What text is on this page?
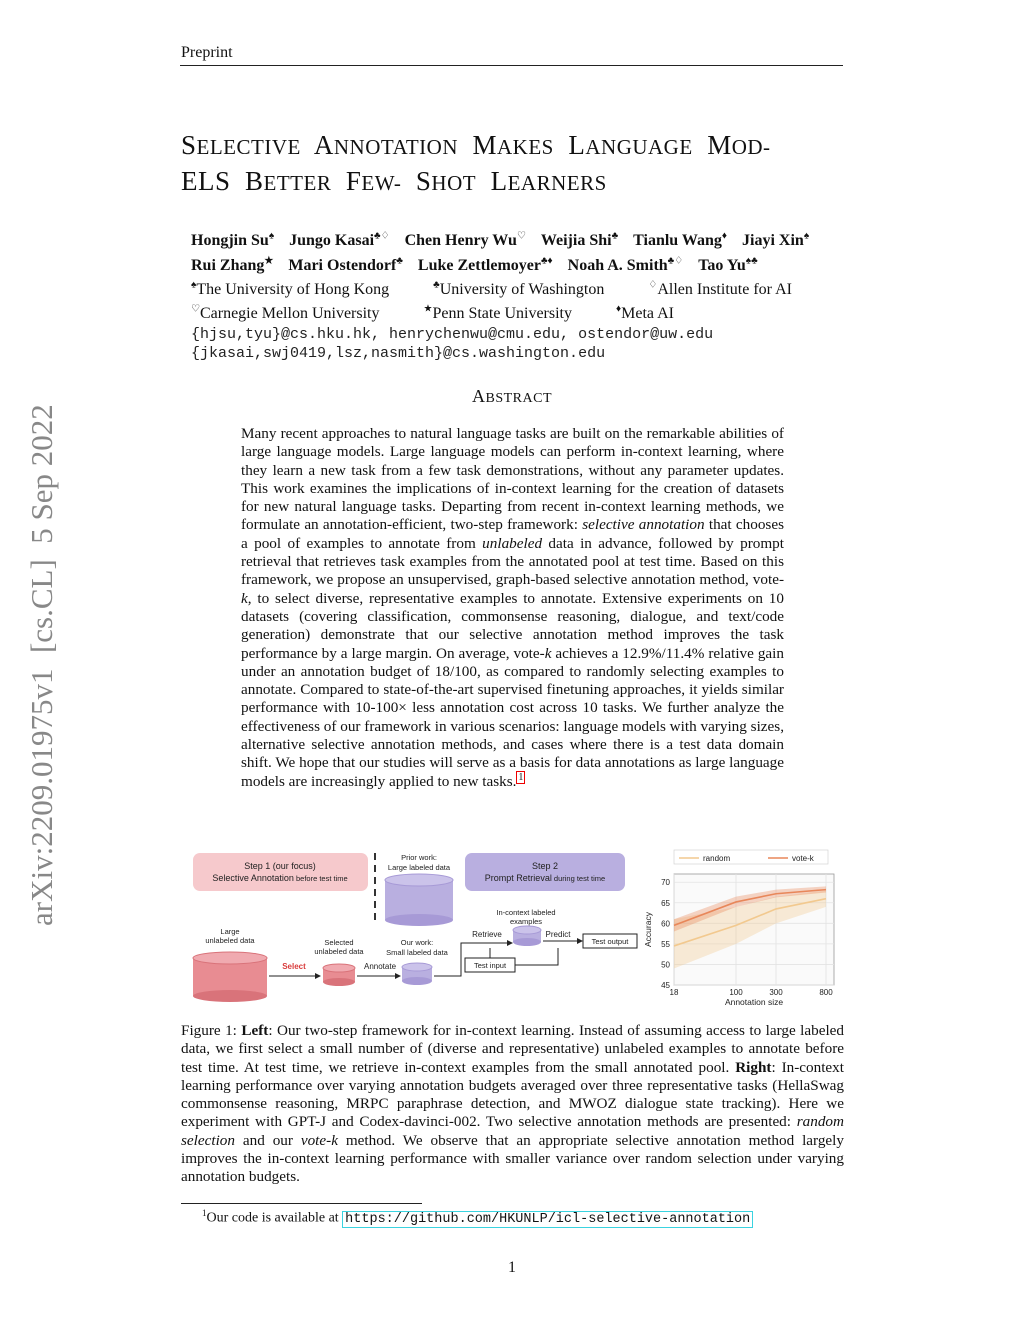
Preprint
arXiv:2209.01975v1  [cs.CL]  5 Sep 2022
SELECTIVE ANNOTATION MAKES LANGUAGE MOD-
ELS BETTER FEW- SHOT LEARNERS
Hongjin Su♠ Jungo Kasai♣♢ Chen Henry Wu♡ Weijia Shi♣ Tianlu Wang♦ Jiayi Xin♠
Rui Zhang★ Mari Ostendorf♣ Luke Zettlemoyer♣♦ Noah A. Smith♣♢ Tao Yu♠♣
♠The University of Hong Kong	♣University of Washington	♢Allen Institute for AI
♡Carnegie Mellon University	★Penn State University	♦Meta AI
{hjsu,tyu}@cs.hku.hk, henrychenwu@cmu.edu, ostendor@uw.edu
{jkasai,swj0419,lsz,nasmith}@cs.washington.edu
ABSTRACT
Many recent approaches to natural language tasks are built on the remarkable abilities of large language models. Large language models can perform in-context learning, where they learn a new task from a few task demonstrations, without any parameter updates. This work examines the implications of in-context learning for the creation of datasets for new natural language tasks. Departing from recent in-context learning methods, we formulate an annotation-efficient, two-step framework: selective annotation that chooses a pool of examples to annotate from unlabeled data in advance, followed by prompt retrieval that retrieves task examples from the annotated pool at test time. Based on this framework, we propose an unsupervised, graph-based selective annotation method, vote-k, to select diverse, representative examples to annotate. Extensive experiments on 10 datasets (covering classification, commonsense reasoning, dialogue, and text/code generation) demonstrate that our selective annotation method improves the task performance by a large margin. On average, vote-k achieves a 12.9%/11.4% relative gain under an annotation budget of 18/100, as compared to randomly selecting examples to annotate. Compared to state-of-the-art supervised finetuning approaches, it yields similar performance with 10-100× less annotation cost across 10 tasks. We further analyze the effectiveness of our framework in various scenarios: language models with varying sizes, alternative selective annotation methods, and cases where there is a test data domain shift. We hope that our studies will serve as a basis for data annotations as large language models are increasingly applied to new tasks. $^1$
Step 1 (our focus)
Selective Annotation before test time
Prior work:
Large labeled data	Step 2
Prompt Retrieval during test time
Large
unlabeled data
Select
Selected
unlabeled data
Annotate
Our work:
Small labeled data
In-context labeled
examples
Retrieve	Predict
Test output
Test input
45
50
55
60
65
70
18	100	300	800
Annotation size
Accuracy
random	vote-k
Figure 1: Left: Our two-step framework for in-context learning. Instead of assuming access to large labeled data, we first select a small number of (diverse and representative) unlabeled examples to annotate before test time. At test time, we retrieve in-context examples from the small annotated pool. Right: In-context learning performance over varying annotation budgets averaged over three representative tasks (HellaSwag commonsense reasoning, MRPC paraphrase detection, and MWOZ dialogue state tracking). Here we experiment with GPT-J and Codex-davinci-002. Two selective annotation methods are presented: random selection and our vote-k method. We observe that an appropriate selective annotation method largely improves the in-context learning performance with smaller variance over random selection under varying annotation budgets.
$^1$Our code is available at https://github.com/HKUNLP/icl-selective-annotation
1
